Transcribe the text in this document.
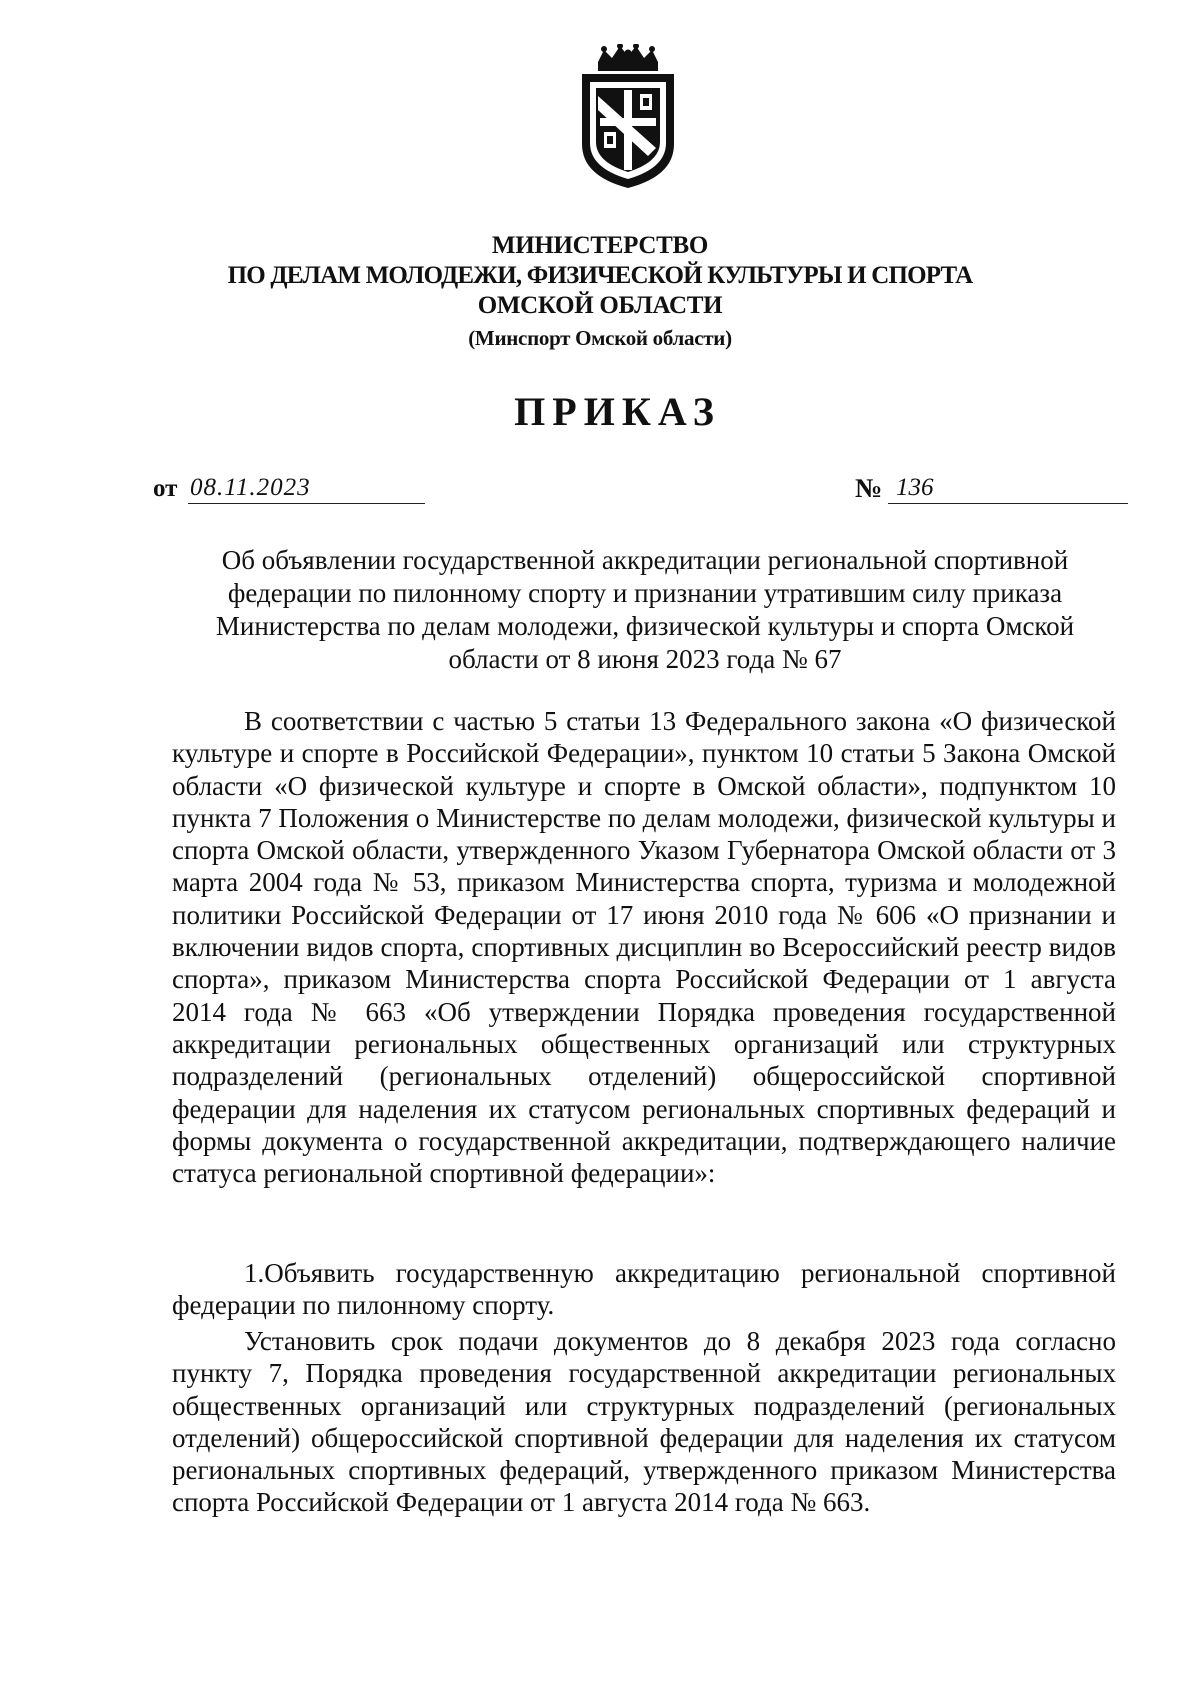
МИНИСТЕРСТВО
ПО ДЕЛАМ МОЛОДЕЖИ, ФИЗИЧЕСКОЙ КУЛЬТУРЫ И СПОРТА
ОМСКОЙ ОБЛАСТИ
(Минспорт Омской области)
ПРИКАЗ
от 08.11.2023	№ 136
Об объявлении государственной аккредитации региональной спортивной федерации по пилонному спорту и признании утратившим силу приказа Министерства по делам молодежи, физической культуры и спорта Омской области от 8 июня 2023 года № 67

В соответствии с частью 5 статьи 13 Федерального закона «О физической культуре и спорте в Российской Федерации», пунктом 10 статьи 5 Закона Омской области «О физической культуре и спорте в Омской области», подпунктом 10 пункта 7 Положения о Министерстве по делам молодежи, физической культуры и спорта Омской области, утвержденного Указом Губернатора Омской области от 3 марта 2004 года № 53, приказом Министерства спорта, туризма и молодежной политики Российской Федерации от 17 июня 2010 года № 606 «О признании и включении видов спорта, спортивных дисциплин во Всероссийский реестр видов спорта», приказом Министерства спорта Российской Федерации от 1 августа 2014 года № 663 «Об утверждении Порядка проведения государственной аккредитации региональных общественных организаций или структурных подразделений (региональных отделений) общероссийской спортивной федерации для наделения их статусом региональных спортивных федераций и формы документа о государственной аккредитации, подтверждающего наличие статуса региональной спортивной федерации»:

1.Объявить государственную аккредитацию региональной спортивной федерации по пилонному спорту.

Установить срок подачи документов до 8 декабря 2023 года согласно пункту 7, Порядка проведения государственной аккредитации региональных общественных организаций или структурных подразделений (региональных отделений) общероссийской спортивной федерации для наделения их статусом региональных спортивных федераций, утвержденного приказом Министерства спорта Российской Федерации от 1 августа 2014 года № 663.
